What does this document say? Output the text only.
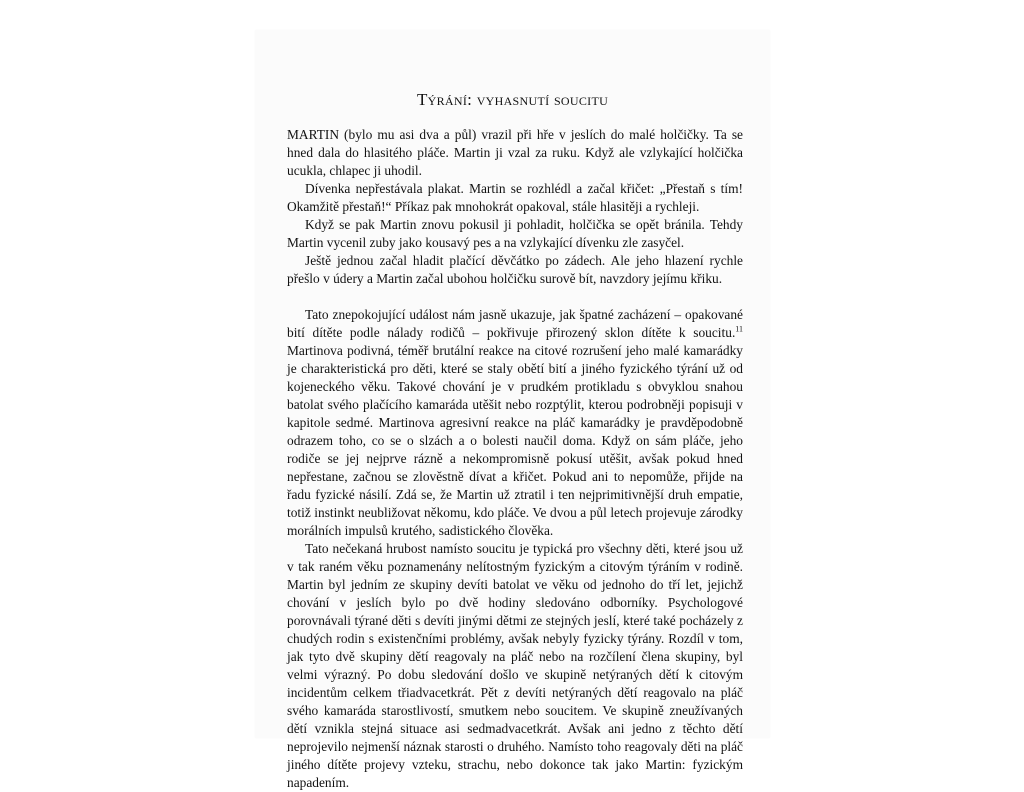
Týrání: vyhasnutí soucitu

MARTIN (bylo mu asi dva a půl) vrazil při hře v jeslích do malé holčičky. Ta se hned dala do hlasitého pláče. Martin ji vzal za ruku. Když ale vzlykající holčička ucukla, chlapec ji uhodil.

Dívenka nepřestávala plakat. Martin se rozhlédl a začal křičet: „Přestaň s tím! Okamžitě přestaň!“ Příkaz pak mnohokrát opakoval, stále hlasitěji a rychleji.

Když se pak Martin znovu pokusil ji pohladit, holčička se opět bránila. Tehdy Martin vycenil zuby jako kousavý pes a na vzlykající dívenku zle zasyčel.

Ještě jednou začal hladit plačící děvčátko po zádech. Ale jeho hlazení rychle přešlo v údery a Martin začal ubohou holčičku surově bít, navzdory jejímu křiku.

Tato znepokojující událost nám jasně ukazuje, jak špatné zacházení – opakované bití dítěte podle nálady rodičů – pokřivuje přirozený sklon dítěte k soucitu.$^{11}$ Martinova podivná, téměř brutální reakce na citové rozrušení jeho malé kamarádky je charakteristická pro děti, které se staly obětí bití a jiného fyzického týrání už od kojeneckého věku. Takové chování je v prudkém protikladu s obvyklou snahou batolat svého plačícího kamaráda utěšit nebo rozptýlit, kterou podrobněji popisuji v kapitole sedmé. Martinova agresivní reakce na pláč kamarádky je pravděpodobně odrazem toho, co se o slzách a o bolesti naučil doma. Když on sám pláče, jeho rodiče se jej nejprve rázně a nekompromisně pokusí utěšit, avšak pokud hned nepřestane, začnou se zlověstně dívat a křičet. Pokud ani to nepomůže, přijde na řadu fyzické násilí. Zdá se, že Martin už ztratil i ten nejprimitivnější druh empatie, totiž instinkt neubližovat někomu, kdo pláče. Ve dvou a půl letech projevuje zárodky morálních impulsů krutého, sadistického člověka.

Tato nečekaná hrubost namísto soucitu je typická pro všechny děti, které jsou už v tak raném věku poznamenány nelítostným fyzickým a citovým týráním v rodině. Martin byl jedním ze skupiny devíti batolat ve věku od jednoho do tří let, jejichž chování v jeslích bylo po dvě hodiny sledováno odborníky. Psychologové porovnávali týrané děti s devíti jinými dětmi ze stejných jeslí, které také pocházely z chudých rodin s existenčními problémy, avšak nebyly fyzicky týrány. Rozdíl v tom, jak tyto dvě skupiny dětí reagovaly na pláč nebo na rozčílení člena skupiny, byl velmi výrazný. Po dobu sledování došlo ve skupině netýraných dětí k citovým incidentům celkem třiadvacetkrát. Pět z devíti netýraných dětí reagovalo na pláč svého kamaráda starostlivostí, smutkem nebo soucitem. Ve skupině zneužívaných dětí vznikla stejná situace asi sedmadvacetkrát. Avšak ani jedno z těchto dětí neprojevilo nejmenší náznak starosti o druhého. Namísto toho reagovaly děti na pláč jiného dítěte projevy vzteku, strachu, nebo dokonce tak jako Martin: fyzickým napadením.
